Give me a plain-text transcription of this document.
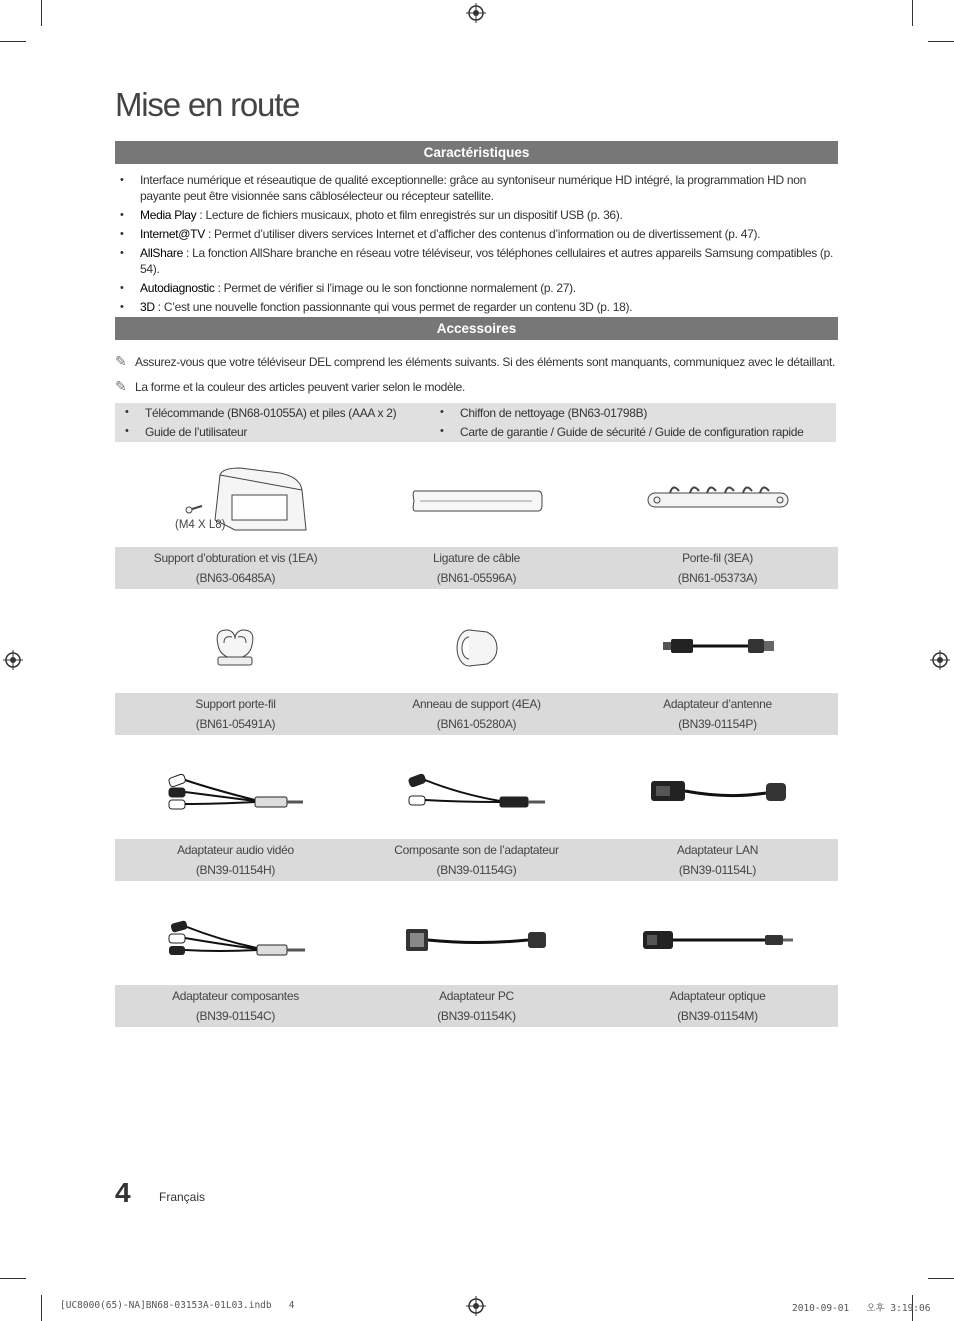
Mise en route
Caractéristiques
• Interface numérique et réseautique de qualité exceptionnelle: grâce au syntoniseur numérique HD intégré, la programmation HD non payante peut être visionnée sans câblosélecteur ou récepteur satellite.
• Media Play : Lecture de fichiers musicaux, photo et film enregistrés sur un dispositif USB (p. 36).
• Internet@TV : Permet d’utiliser divers services Internet et d’afficher des contenus d’information ou de divertissement (p. 47).
• AllShare : La fonction AllShare branche en réseau votre téléviseur, vos téléphones cellulaires et autres appareils Samsung compatibles (p. 54).
• Autodiagnostic : Permet de vérifier si l’image ou le son fonctionne normalement (p. 27).
• 3D : C’est une nouvelle fonction passionnante qui vous permet de regarder un contenu 3D (p. 18).
Accessoires
✎ Assurez-vous que votre téléviseur DEL comprend les éléments suivants. Si des éléments sont manquants, communiquez avec le détaillant.
✎ La forme et la couleur des articles peuvent varier selon le modèle.
• Télécommande (BN68-01055A) et piles (AAA x 2)
• Guide de l’utilisateur
• Chiffon de nettoyage (BN63-01798B)
• Carte de garantie / Guide de sécurité / Guide de configuration rapide
(M4 X L8)
Support d’obturation et vis (1EA)
(BN63-06485A)
Ligature de câble
(BN61-05596A)
Porte-fil (3EA)
(BN61-05373A)
Support porte-fil
(BN61-05491A)
Anneau de support (4EA)
(BN61-05280A)
Adaptateur d’antenne
(BN39-01154P)
Adaptateur audio vidéo
(BN39-01154H)
Composante son de l’adaptateur
(BN39-01154G)
Adaptateur LAN
(BN39-01154L)
Adaptateur composantes
(BN39-01154C)
Adaptateur PC
(BN39-01154K)
Adaptateur optique
(BN39-01154M)
4 Français
[UC8000(65)-NA]BN68-03153A-01L03.indb   4	2010-09-01   오후 3:19:06
